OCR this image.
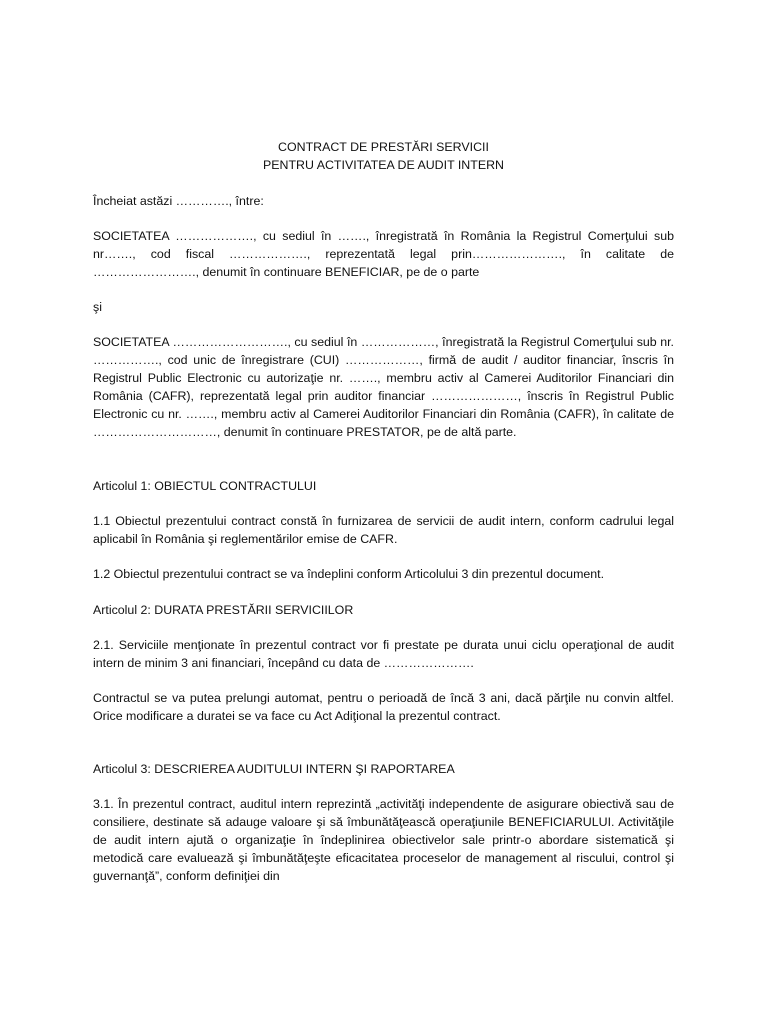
CONTRACT DE PRESTĂRI SERVICII
PENTRU ACTIVITATEA DE AUDIT INTERN

Încheiat astăzi …………., între:

SOCIETATEA ………………., cu sediul în ……., înregistrată în România la Registrul Comerţului sub nr……., cod fiscal ………………., reprezentată legal prin…………………., în calitate de ……………………., denumit în continuare BENEFICIAR, pe de o parte

şi

SOCIETATEA ………………………., cu sediul în ………………, înregistrată la Registrul Comerţului sub nr. ……………., cod unic de înregistrare (CUI) ………………, firmă de audit / auditor financiar, înscris în Registrul Public Electronic cu autorizaţie nr. ……., membru activ al Camerei Auditorilor Financiari din România (CAFR), reprezentată legal prin auditor financiar …………………, înscris în Registrul Public Electronic cu nr. ……., membru activ al Camerei Auditorilor Financiari din România (CAFR), în calitate de …………………………, denumit în continuare PRESTATOR, pe de altă parte.

Articolul 1: OBIECTUL CONTRACTULUI

1.1 Obiectul prezentului contract constă în furnizarea de servicii de audit intern, conform cadrului legal aplicabil în România şi reglementărilor emise de CAFR.

1.2 Obiectul prezentului contract se va îndeplini conform Articolului 3 din prezentul document.

Articolul 2: DURATA PRESTĂRII SERVICIILOR

2.1. Serviciile menţionate în prezentul contract vor fi prestate pe durata unui ciclu operaţional de audit intern de minim 3 ani financiari, începând cu data de ………………….

Contractul se va putea prelungi automat, pentru o perioadă de încă 3 ani, dacă părţile nu convin altfel. Orice modificare a duratei se va face cu Act Adiţional la prezentul contract.

Articolul 3: DESCRIEREA AUDITULUI INTERN ŞI RAPORTAREA

3.1. În prezentul contract, auditul intern reprezintă „activităţi independente de asigurare obiectivă sau de consiliere, destinate să adauge valoare şi să îmbunătăţească operaţiunile BENEFICIARULUI. Activităţile de audit intern ajută o organizaţie în îndeplinirea obiectivelor sale printr-o abordare sistematică şi metodică care evaluează şi îmbunătăţeşte eficacitatea proceselor de management al riscului, control şi guvernanţă”, conform definiţiei din
